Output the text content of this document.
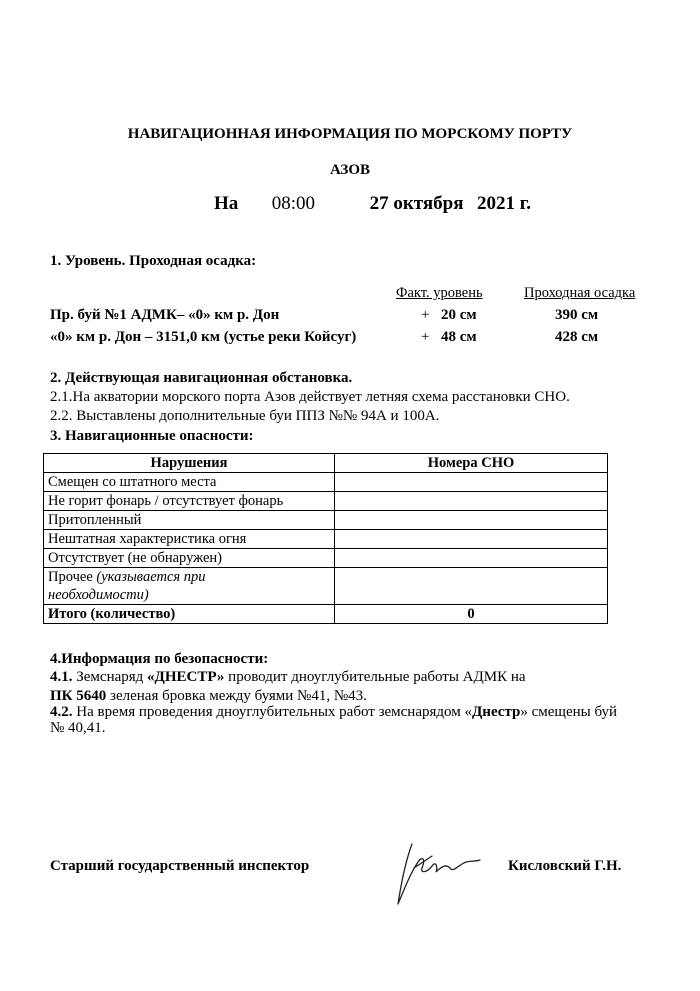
НАВИГАЦИОННАЯ ИНФОРМАЦИЯ ПО МОРСКОМУ ПОРТУ
АЗОВ
На 08:00	27 октября 2021 г.
1. Уровень. Проходная осадка:
Факт. уровень	Проходная осадка
Пр. буй №1 АДМК– «0» км р. Дон	+ 20 см	390 см
«0» км р. Дон – 3151,0 км (устье реки Койсуг)	+ 48 см	428 см
2. Действующая навигационная обстановка.
2.1.На акватории морского порта Азов действует летняя схема расстановки СНО.
2.2. Выставлены дополнительные буи ППЗ №№ 94А и 100А.
3. Навигационные опасности:
Нарушения	Номера СНО
Смещен со штатного места	
Не горит фонарь / отсутствует фонарь	
Притопленный	
Нештатная характеристика огня	
Отсутствует (не обнаружен)	
Прочее (указывается при
необходимости)	
Итого (количество)	0
4.Информация по безопасности:
4.1. Земснаряд «ДНЕСТР» проводит дноуглубительные работы АДМК на
ПК 5640 зеленая бровка между буями №41, №43.
4.2. На время проведения дноуглубительных работ земснарядом «Днестр» смещены буй
№ 40,41.
Старший государственный инспектор	Кисловский Г.Н.
